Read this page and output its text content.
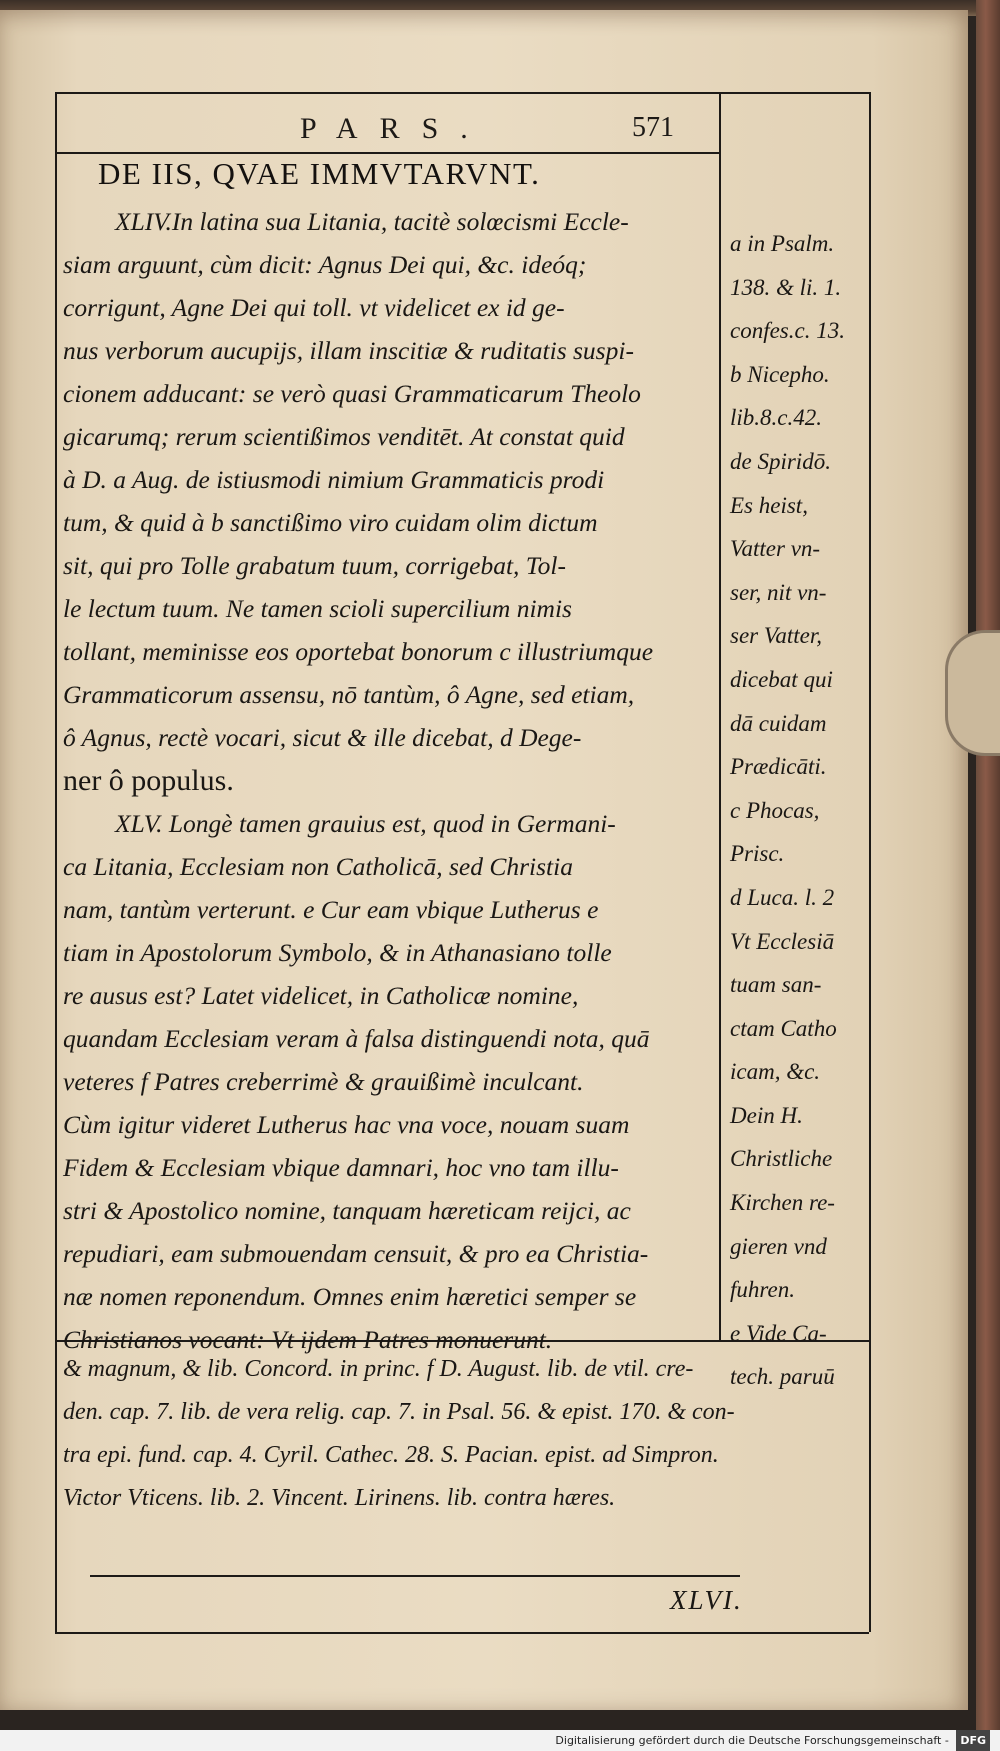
PARS.	571
DE IIS, QVAE IMMVTARVNT.

XLIV.In latina sua Litania, tacitè solœcismi Eccle-
siam arguunt, cùm dicit: Agnus Dei qui, &c. ideóq;
corrigunt, Agne Dei qui toll. vt videlicet ex id ge-
nus verborum aucupijs, illam inscitiæ & ruditatis suspi-
cionem adducant: se verò quasi Grammaticarum Theolo
gicarumq; rerum scientißimos venditēt. At constat quid
à D. a Aug. de istiusmodi nimium Grammaticis prodi
tum, & quid à b sanctißimo viro cuidam olim dictum
sit, qui pro Tolle grabatum tuum, corrigebat, Tol-
le lectum tuum. Ne tamen scioli supercilium nimis
tollant, meminisse eos oportebat bonorum c illustriumque
Grammaticorum assensu, nō tantùm, ô Agne, sed etiam,
ô Agnus, rectè vocari, sicut & ille dicebat, d Dege-
ner ô populus.

XLV. Longè tamen grauius est, quod in Germani-
ca Litania, Ecclesiam non Catholicā, sed Christia
nam, tantùm verterunt. e Cur eam vbique Lutherus e
tiam in Apostolorum Symbolo, & in Athanasiano tolle
re ausus est? Latet videlicet, in Catholicæ nomine,
quandam Ecclesiam veram à falsa distinguendi nota, quā
veteres f Patres creberrimè & grauißimè inculcant.
Cùm igitur videret Lutherus hac vna voce, nouam suam
Fidem & Ecclesiam vbique damnari, hoc vno tam illu-
stri & Apostolico nomine, tanquam hæreticam reijci, ac
repudiari, eam submouendam censuit, & pro ea Christia-
næ nomen reponendum. Omnes enim hæretici semper se
Christianos vocant: Vt ijdem Patres monuerunt.

a in Psalm.
138. & li. 1.
confes.c. 13.
b Nicepho.
lib.8.c.42.
de Spiridō.
Es heist,
Vatter vn-
ser, nit vn-
ser Vatter,
dicebat qui
dā cuidam
Prædicāti.
c Phocas,
Prisc.
d Luca. l. 2
Vt Ecclesiā
tuam san-
ctam Catho
icam, &c.
Dein H.
Christliche
Kirchen re-
gieren vnd
fuhren.
e Vide Ca-
tech. paruū
& magnum, & lib. Concord. in princ. f D. August. lib. de vtil. cre-
den. cap. 7. lib. de vera relig. cap. 7. in Psal. 56. & epist. 170. & con-
tra epi. fund. cap. 4. Cyril. Cathec. 28. S. Pacian. epist. ad Simpron.
Victor Vticens. lib. 2. Vincent. Lirinens. lib. contra hæres.
XLVI.
Digitalisierung gefördert durch die Deutsche Forschungsgemeinschaft - DFG
